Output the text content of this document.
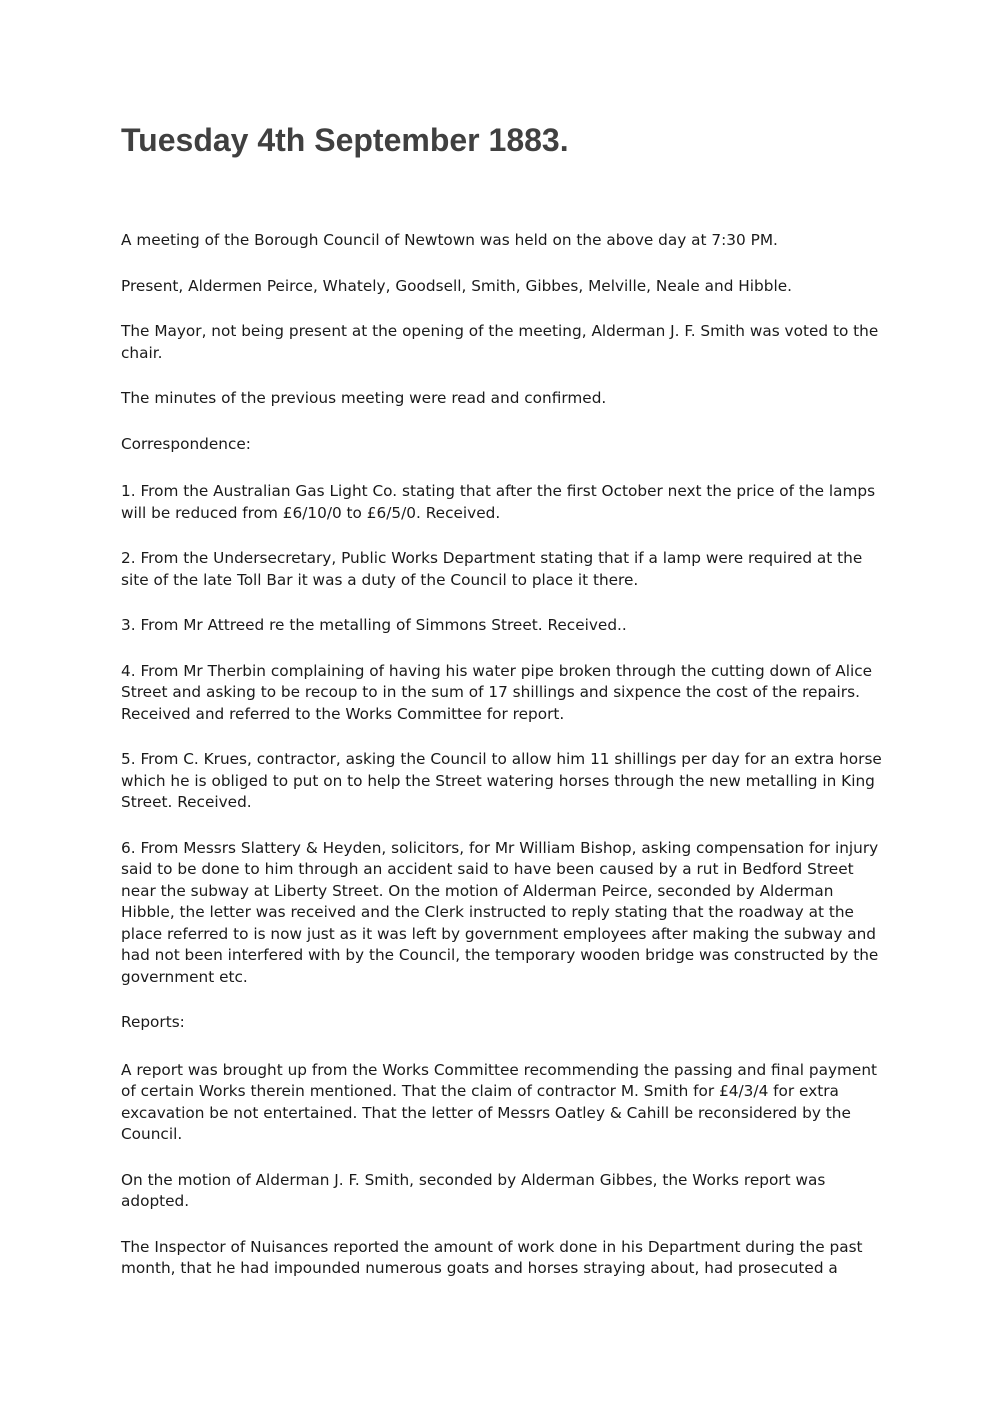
Tuesday 4th September 1883.

A meeting of the Borough Council of Newtown was held on the above day at 7:30 PM.

Present, Aldermen Peirce, Whately, Goodsell, Smith, Gibbes, Melville, Neale and Hibble.

The Mayor, not being present at the opening of the meeting, Alderman J. F. Smith was voted to the chair.

The minutes of the previous meeting were read and confirmed.

Correspondence:

1. From the Australian Gas Light Co. stating that after the first October next the price of the lamps will be reduced from £6/10/0 to £6/5/0. Received.

2. From the Undersecretary, Public Works Department stating that if a lamp were required at the site of the late Toll Bar it was a duty of the Council to place it there.

3. From Mr Attreed re the metalling of Simmons Street. Received..

4. From Mr Therbin complaining of having his water pipe broken through the cutting down of Alice Street and asking to be recoup to in the sum of 17 shillings and sixpence the cost of the repairs. Received and referred to the Works Committee for report.

5. From C. Krues, contractor, asking the Council to allow him 11 shillings per day for an extra horse which he is obliged to put on to help the Street watering horses through the new metalling in King Street. Received.

6. From Messrs Slattery & Heyden, solicitors, for Mr William Bishop, asking compensation for injury said to be done to him through an accident said to have been caused by a rut in Bedford Street near the subway at Liberty Street. On the motion of Alderman Peirce, seconded by Alderman Hibble, the letter was received and the Clerk instructed to reply stating that the roadway at the place referred to is now just as it was left by government employees after making the subway and had not been interfered with by the Council, the temporary wooden bridge was constructed by the government etc.

Reports:

A report was brought up from the Works Committee recommending the passing and final payment of certain Works therein mentioned. That the claim of contractor M. Smith for £4/3/4 for extra excavation be not entertained. That the letter of Messrs Oatley & Cahill be reconsidered by the Council.

On the motion of Alderman J. F. Smith, seconded by Alderman Gibbes, the Works report was adopted.

The Inspector of Nuisances reported the amount of work done in his Department during the past month, that he had impounded numerous goats and horses straying about, had prosecuted a
